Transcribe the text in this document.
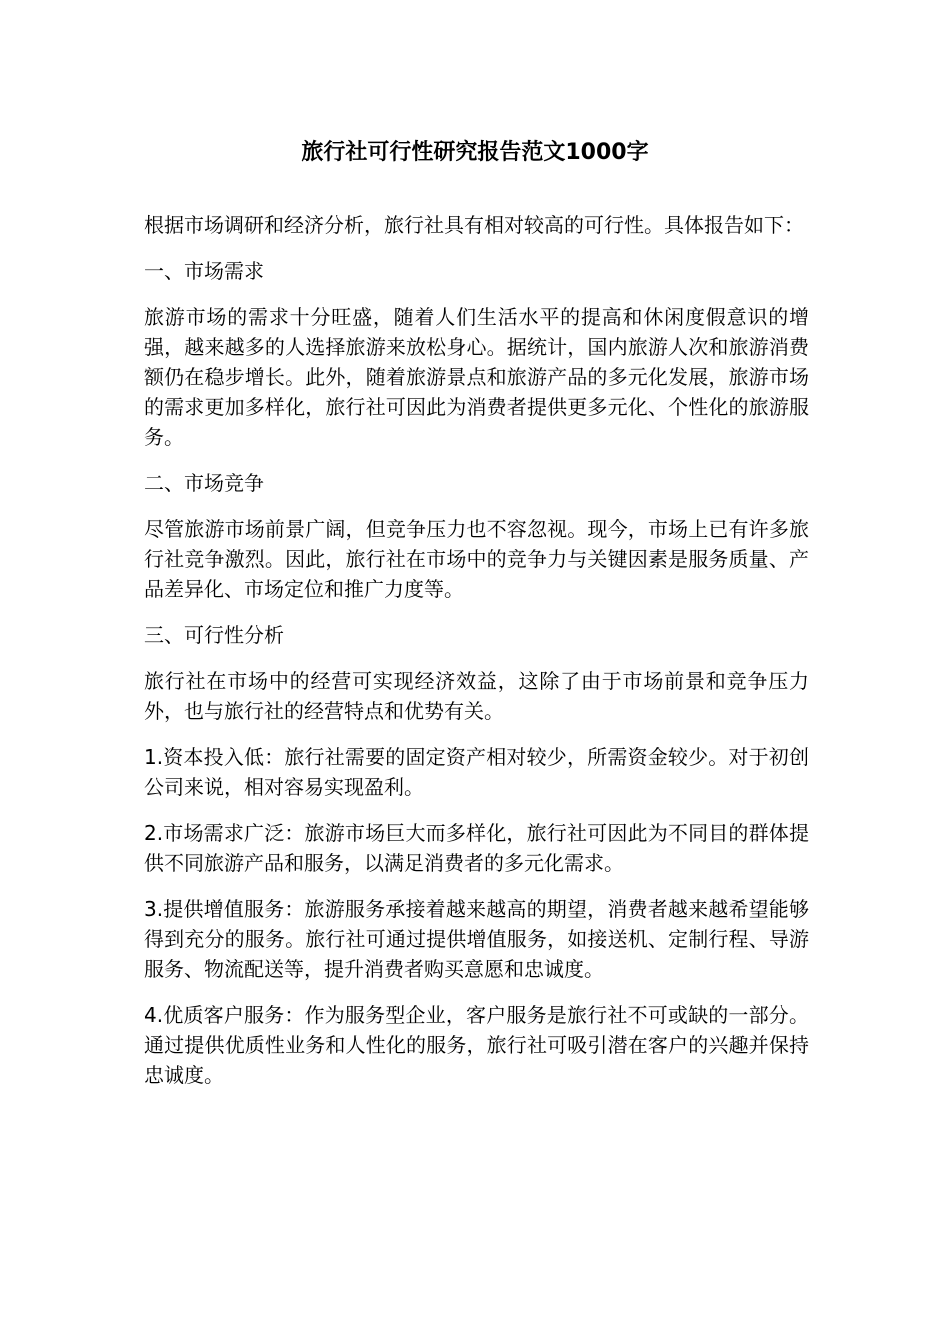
旅行社可行性研究报告范文1000字

根据市场调研和经济分析，旅行社具有相对较高的可行性。具体报告如下：

一、市场需求

旅游市场的需求十分旺盛，随着人们生活水平的提高和休闲度假意识的增强，越来越多的人选择旅游来放松身心。据统计，国内旅游人次和旅游消费额仍在稳步增长。此外，随着旅游景点和旅游产品的多元化发展，旅游市场的需求更加多样化，旅行社可因此为消费者提供更多元化、个性化的旅游服务。

二、市场竞争

尽管旅游市场前景广阔，但竞争压力也不容忽视。现今，市场上已有许多旅行社竞争激烈。因此，旅行社在市场中的竞争力与关键因素是服务质量、产品差异化、市场定位和推广力度等。

三、可行性分析

旅行社在市场中的经营可实现经济效益，这除了由于市场前景和竞争压力外，也与旅行社的经营特点和优势有关。

1.资本投入低：旅行社需要的固定资产相对较少，所需资金较少。对于初创公司来说，相对容易实现盈利。

2.市场需求广泛：旅游市场巨大而多样化，旅行社可因此为不同目的群体提供不同旅游产品和服务，以满足消费者的多元化需求。

3.提供增值服务：旅游服务承接着越来越高的期望，消费者越来越希望能够得到充分的服务。旅行社可通过提供增值服务，如接送机、定制行程、导游服务、物流配送等，提升消费者购买意愿和忠诚度。

4.优质客户服务：作为服务型企业，客户服务是旅行社不可或缺的一部分。通过提供优质性业务和人性化的服务，旅行社可吸引潜在客户的兴趣并保持忠诚度。
